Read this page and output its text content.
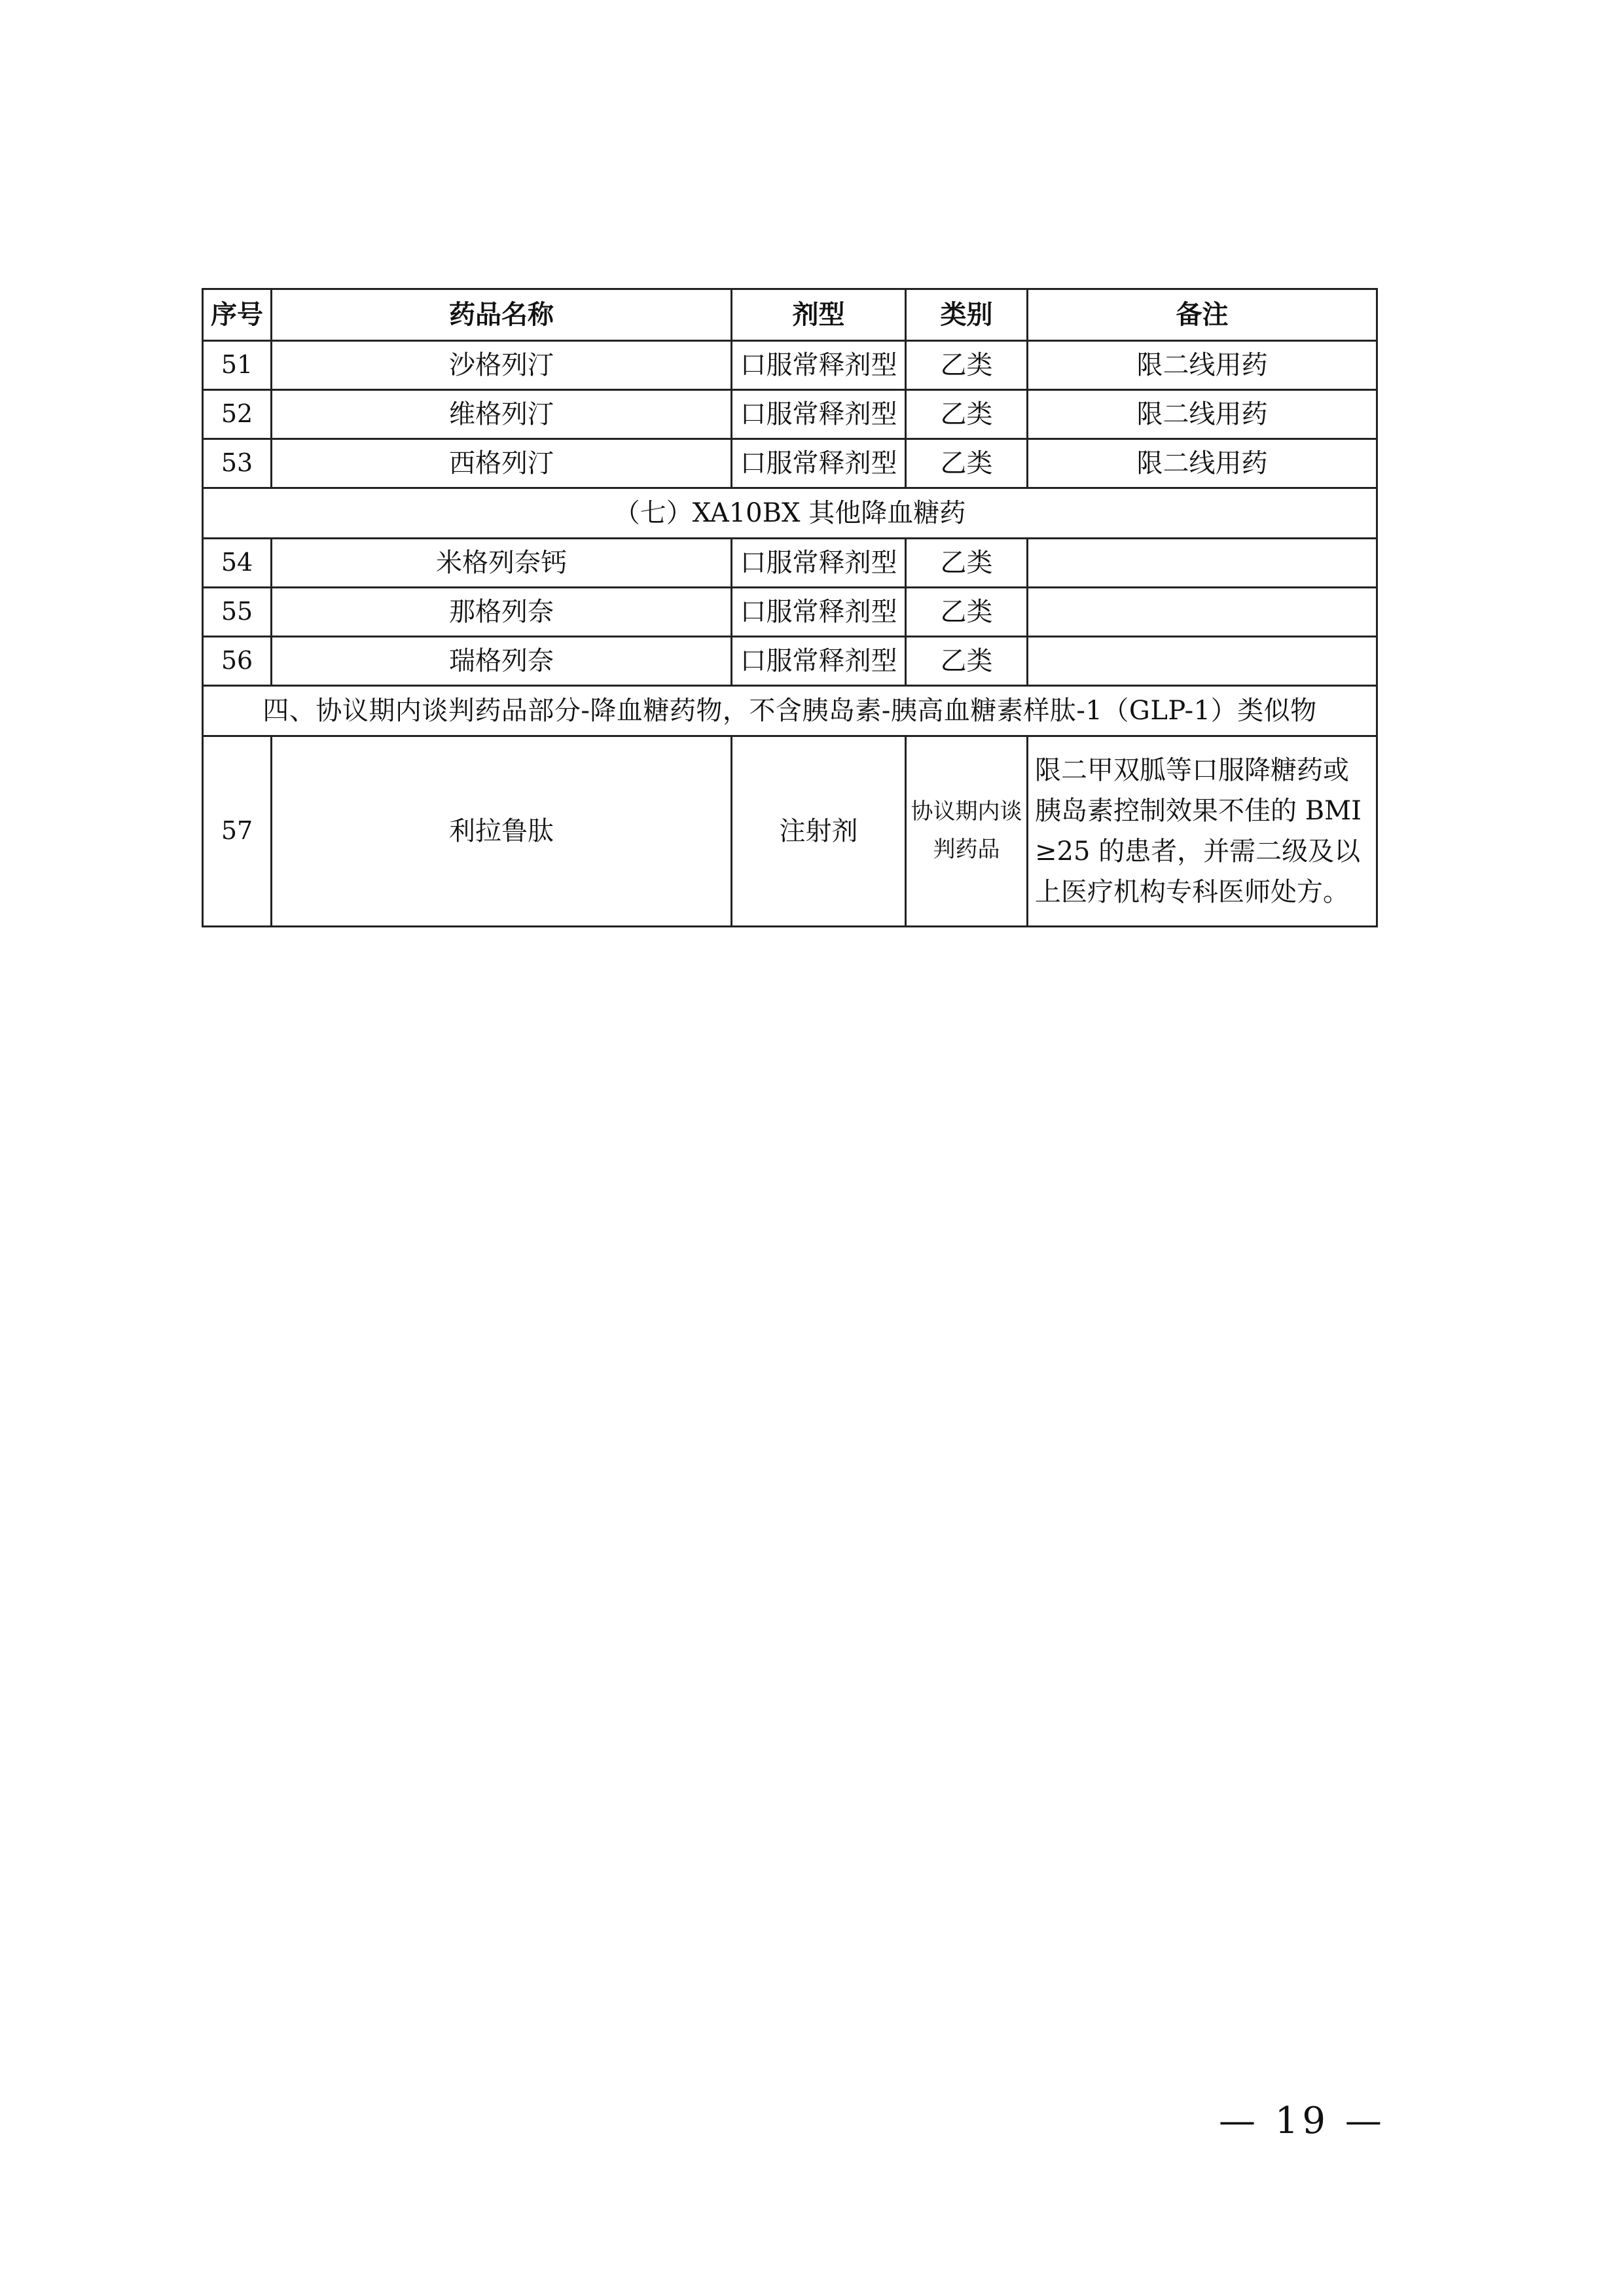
序号	药品名称	剂型	类别	备注
51	沙格列汀	口服常释剂型	乙类	限二线用药
52	维格列汀	口服常释剂型	乙类	限二线用药
53	西格列汀	口服常释剂型	乙类	限二线用药
（七）XA10BX 其他降血糖药				
54	米格列奈钙	口服常释剂型	乙类	
55	那格列奈	口服常释剂型	乙类	
56	瑞格列奈	口服常释剂型	乙类	
四、协议期内谈判药品部分-降血糖药物，不含胰岛素-胰高血糖素样肽-1（GLP-1）类似物				
57	利拉鲁肽	注射剂	协议期内谈判药品	限二甲双胍等口服降糖药或胰岛素控制效果不佳的 BMI ≥25 的患者，并需二级及以上医疗机构专科医师处方。
— 19 —
